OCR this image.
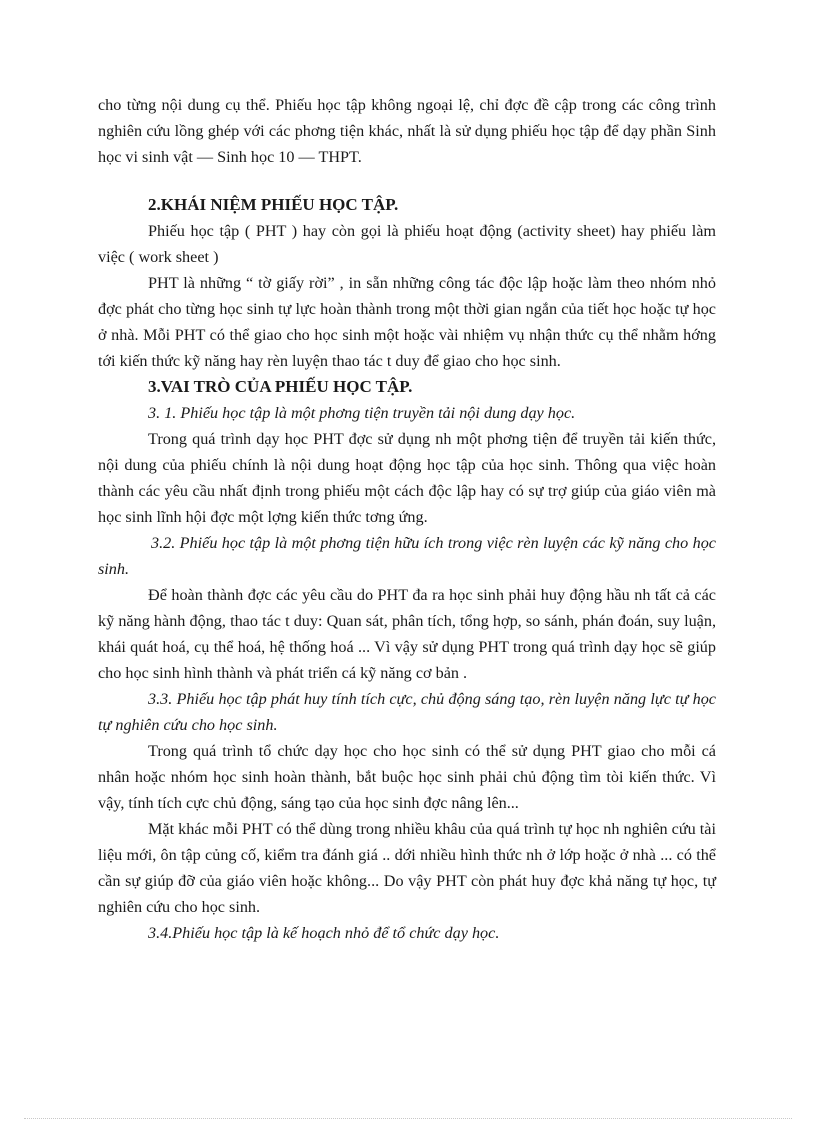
cho từng nội dung cụ thể. Phiếu học tập không ngoại lệ, chỉ đợc đề cập trong các công trình nghiên cứu lồng ghép với các phơng tiện khác, nhất là sử dụng phiếu học tập để dạy phần Sinh học vi sinh vật — Sinh học 10 — THPT.

2.KHÁI NIỆM PHIẾU HỌC TẬP.

Phiếu học tập ( PHT ) hay còn gọi là phiếu hoạt động (activity sheet) hay phiếu làm việc ( work sheet )

PHT là những “ tờ giấy rời” , in sẵn những công tác độc lập hoặc làm theo nhóm nhỏ đợc phát cho từng học sinh tự lực hoàn thành trong một thời gian ngắn của tiết học hoặc tự học ở nhà. Mỗi PHT có thể giao cho học sinh một hoặc vài nhiệm vụ nhận thức cụ thể nhằm hớng tới kiến thức kỹ năng hay rèn luyện thao tác t duy để giao cho học sinh.

3.VAI TRÒ CỦA PHIẾU HỌC TẬP.

3. 1. Phiếu học tập là một phơng tiện truyền tải nội dung dạy học.

Trong quá trình dạy học PHT đợc sử dụng nh một phơng tiện để truyền tải kiến thức, nội dung của phiếu chính là nội dung hoạt động học tập của học sinh. Thông qua việc hoàn thành các yêu cầu nhất định trong phiếu một cách độc lập hay có sự trợ giúp của giáo viên mà học sinh lĩnh hội đợc một lợng kiến thức tơng ứng.

3.2. Phiếu học tập là một phơng tiện hữu ích trong việc rèn luyện các kỹ năng cho học sinh.

Để hoàn thành đợc các yêu cầu do PHT đa ra học sinh phải huy động hầu nh tất cả các kỹ năng hành động, thao tác t duy: Quan sát, phân tích, tổng hợp, so sánh, phán đoán, suy luận, khái quát hoá, cụ thể hoá, hệ thống hoá ... Vì vậy sử dụng PHT trong quá trình dạy học sẽ giúp cho học sinh hình thành và phát triển cá kỹ năng cơ bản .

3.3. Phiếu học tập phát huy tính tích cực, chủ động sáng tạo, rèn luyện năng lực tự học tự nghiên cứu cho học sinh.

Trong quá trình tổ chức dạy học cho học sinh có thể sử dụng PHT giao cho mỗi cá nhân hoặc nhóm học sinh hoàn thành, bắt buộc học sinh phải chủ động tìm tòi kiến thức. Vì vậy, tính tích cực chủ động, sáng tạo của học sinh đợc nâng lên...

Mặt khác mỗi PHT có thể dùng trong nhiều khâu của quá trình tự học nh nghiên cứu tài liệu mới, ôn tập củng cố, kiểm tra đánh giá .. dới nhiều hình thức nh ở lớp hoặc ở nhà ... có thể cần sự giúp đỡ của giáo viên hoặc không... Do vậy PHT còn phát huy đợc khả năng tự học, tự nghiên cứu cho học sinh.

3.4.Phiếu học tập là kế hoạch nhỏ để tổ chức dạy học.
